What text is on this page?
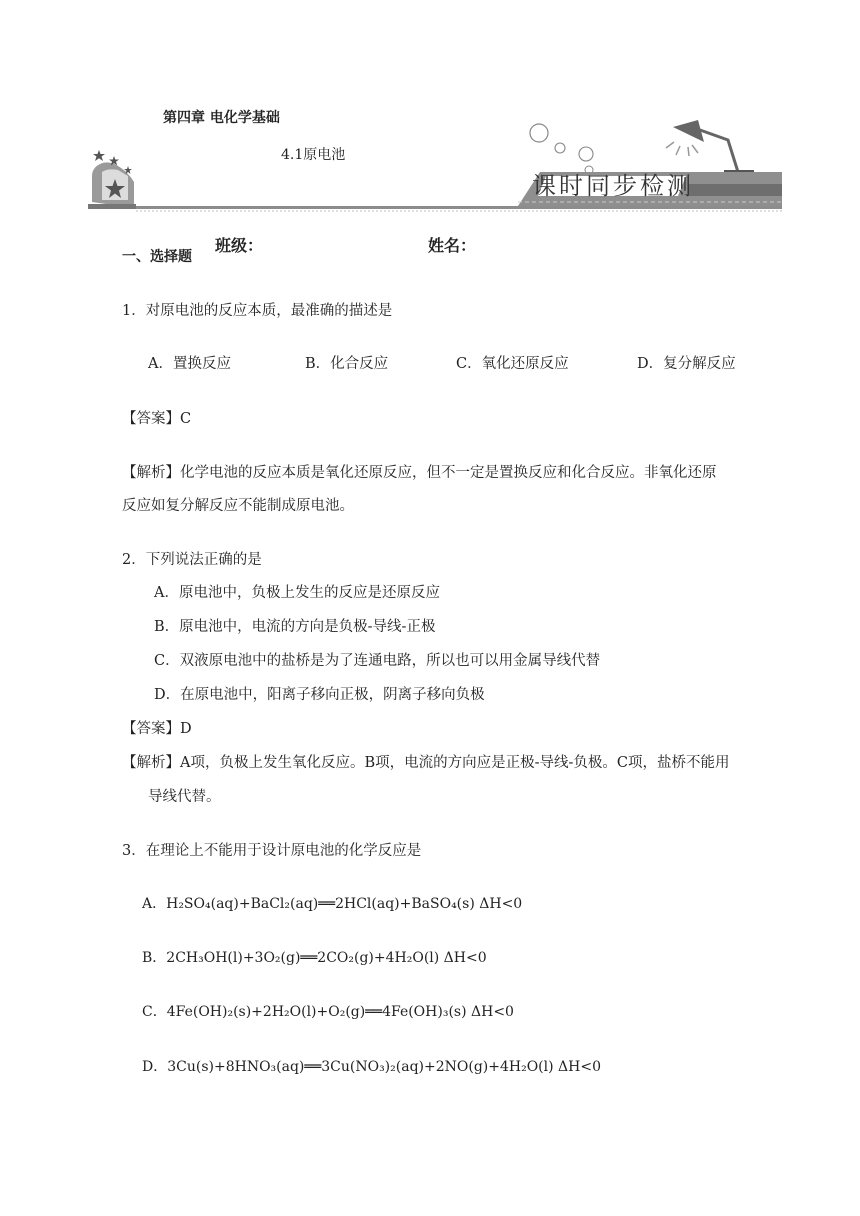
第四章 电化学基础
4.1原电池
课时同步检测
班级：	姓名：
一、选择题
1．对原电池的反应本质，最准确的描述是
A．置换反应	B．化合反应	C．氧化还原反应	D．复分解反应
【答案】C
【解析】化学电池的反应本质是氧化还原反应，但不一定是置换反应和化合反应。非氧化还原
反应如复分解反应不能制成原电池。
2．下列说法正确的是
A．原电池中，负极上发生的反应是还原反应
B．原电池中，电流的方向是负极-导线-正极
C．双液原电池中的盐桥是为了连通电路，所以也可以用金属导线代替
D．在原电池中，阳离子移向正极，阴离子移向负极
【答案】D
【解析】A项，负极上发生氧化反应。B项，电流的方向应是正极-导线-负极。C项，盐桥不能用
导线代替。
3．在理论上不能用于设计原电池的化学反应是
A．H₂SO₄(aq)+BaCl₂(aq)══2HCl(aq)+BaSO₄(s) ΔH<0
B．2CH₃OH(l)+3O₂(g)══2CO₂(g)+4H₂O(l) ΔH<0
C．4Fe(OH)₂(s)+2H₂O(l)+O₂(g)══4Fe(OH)₃(s) ΔH<0
D．3Cu(s)+8HNO₃(aq)══3Cu(NO₃)₂(aq)+2NO(g)+4H₂O(l) ΔH<0
